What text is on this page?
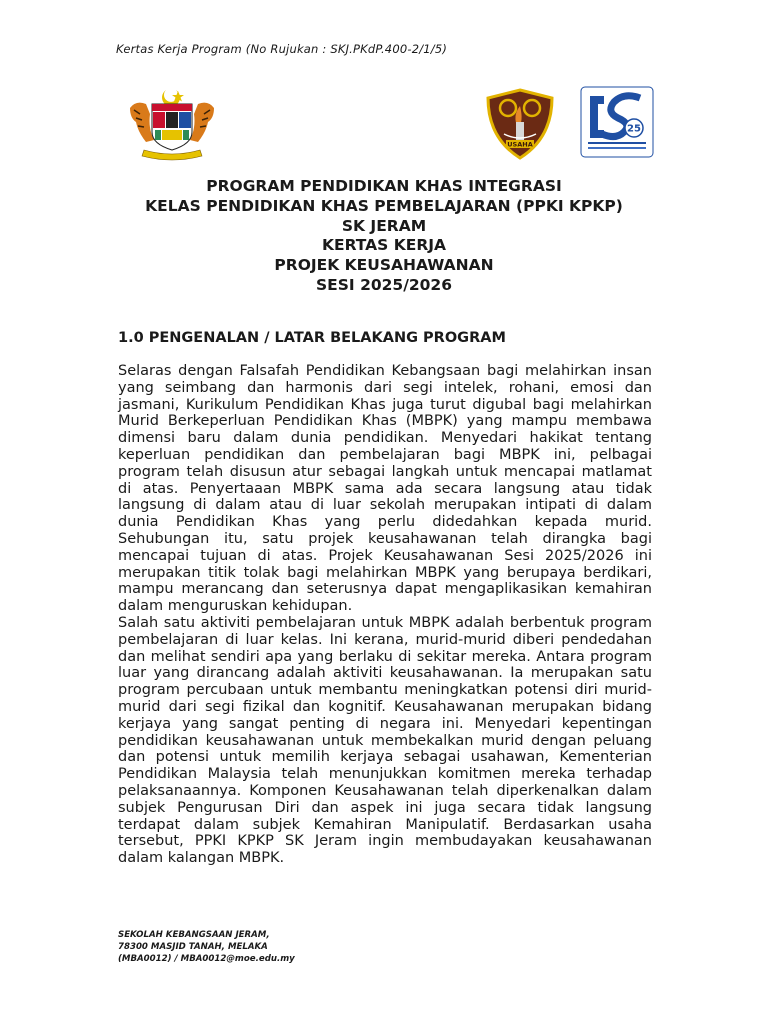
Kertas Kerja Program (No Rujukan : SKJ.PKdP.400-2/1/5)
USAHA
25
PROGRAM PENDIDIKAN KHAS INTEGRASI
KELAS PENDIDIKAN KHAS PEMBELAJARAN (PPKI KPKP)
SK JERAM
KERTAS KERJA
PROJEK KEUSAHAWANAN
SESI 2025/2026
1.0 PENGENALAN / LATAR BELAKANG PROGRAM
Selaras dengan Falsafah Pendidikan Kebangsaan bagi melahirkan insan yang seimbang dan harmonis dari segi intelek, rohani, emosi dan jasmani, Kurikulum Pendidikan Khas juga turut digubal bagi melahirkan Murid Berkeperluan Pendidikan Khas (MBPK) yang mampu membawa dimensi baru dalam dunia pendidikan. Menyedari hakikat tentang keperluan pendidikan dan pembelajaran bagi MBPK ini, pelbagai program telah disusun atur sebagai langkah untuk mencapai matlamat di atas. Penyertaaan MBPK sama ada secara langsung atau tidak langsung di dalam atau di luar sekolah merupakan intipati di dalam dunia Pendidikan Khas yang perlu didedahkan kepada murid. Sehubungan itu, satu projek keusahawanan telah dirangka bagi mencapai tujuan di atas. Projek Keusahawanan Sesi 2025/2026 ini merupakan titik tolak bagi melahirkan MBPK yang berupaya berdikari, mampu merancang dan seterusnya dapat mengaplikasikan kemahiran dalam menguruskan kehidupan.
Salah satu aktiviti pembelajaran untuk MBPK adalah berbentuk program pembelajaran di luar kelas. Ini kerana, murid-murid diberi pendedahan dan melihat sendiri apa yang berlaku di sekitar mereka. Antara program luar yang dirancang adalah aktiviti keusahawanan. Ia merupakan satu program percubaan untuk membantu meningkatkan potensi diri murid-murid dari segi fizikal dan kognitif. Keusahawanan merupakan bidang kerjaya yang sangat penting di negara ini. Menyedari kepentingan pendidikan keusahawanan untuk membekalkan murid dengan peluang dan potensi untuk memilih kerjaya sebagai usahawan, Kementerian Pendidikan Malaysia telah menunjukkan komitmen mereka terhadap pelaksanaannya. Komponen Keusahawanan telah diperkenalkan dalam subjek Pengurusan Diri dan aspek ini juga secara tidak langsung terdapat dalam subjek Kemahiran Manipulatif. Berdasarkan usaha tersebut, PPKI KPKP SK Jeram ingin membudayakan keusahawanan dalam kalangan MBPK.
SEKOLAH KEBANGSAAN JERAM,
78300 MASJID TANAH, MELAKA
(MBA0012) / MBA0012@moe.edu.my
